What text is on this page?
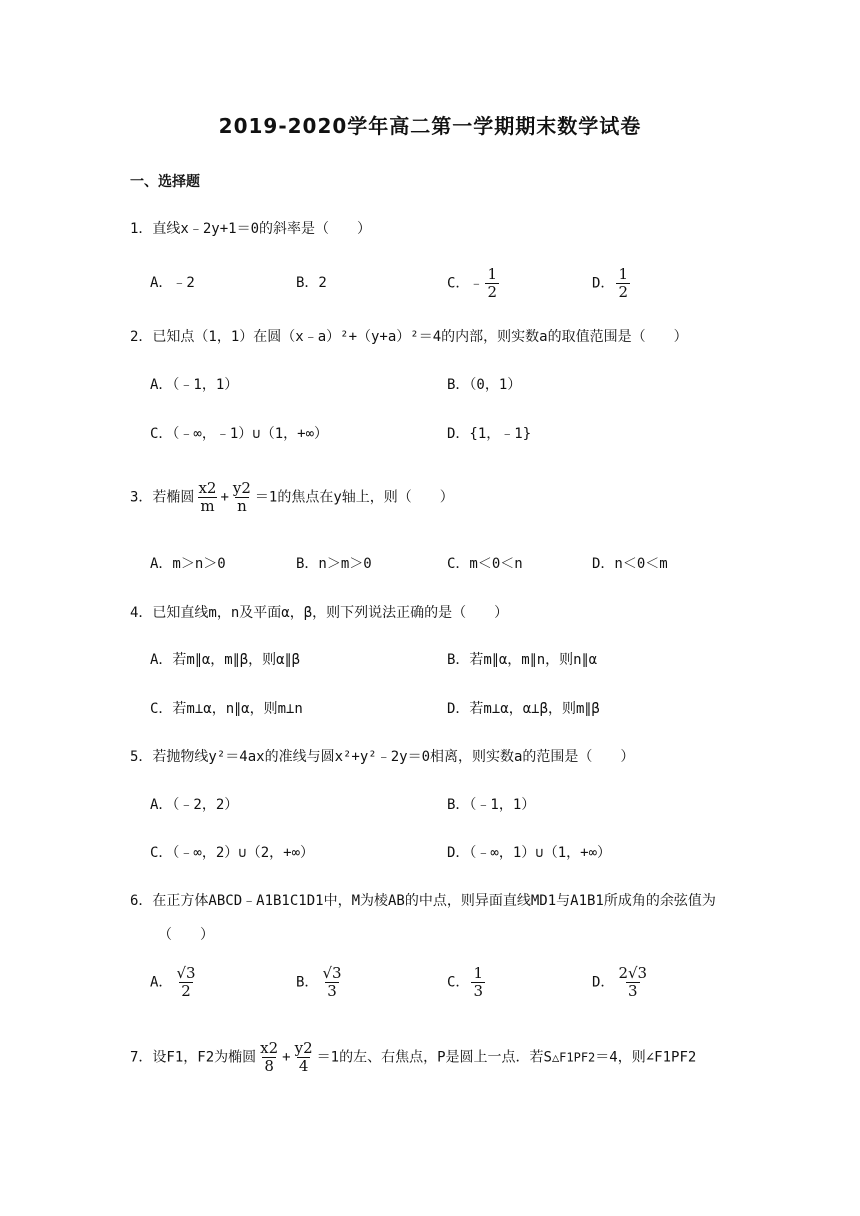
2019-2020学年高二第一学期期末数学试卷
一、选择题
1．直线x﹣2y+1＝0的斜率是（　　）
A．﹣2	B．2	C．﹣ $\frac{1}{2}$	D． $\frac{1}{2}$
2．已知点（1，1）在圆（x﹣a）²+（y+a）²＝4的内部，则实数a的取值范围是（　　）
A．（﹣1，1）	B．（0，1）
C．（﹣∞，﹣1）∪（1，+∞）	D．{1，﹣1}
3．若椭圆 $\frac{x2}{m} + \frac{y2}{n} =1$的焦点在y轴上，则（　　）
A．m＞n＞0	B．n＞m＞0	C．m＜0＜n	D．n＜0＜m
4．已知直线m，n及平面α，β，则下列说法正确的是（　　）
A．若m∥α，m∥β，则α∥β	B．若m∥α，m∥n，则n∥α
C．若m⊥α，n∥α，则m⊥n	D．若m⊥α，α⊥β，则m∥β
5．若抛物线y²＝4ax的准线与圆x²+y²﹣2y＝0相离，则实数a的范围是（　　）
A．（﹣2，2）	B．（﹣1，1）
C．（﹣∞，2）∪（2，+∞）	D．（﹣∞，1）∪（1，+∞）
6．在正方体ABCD﹣A1B1C1D1中，M为棱AB的中点，则异面直线MD1与A1B1所成角的余弦值为
（　　）
A． $\frac{√3}{2}$	B． $\frac{√3}{3}$	C． $\frac{1}{3}$	D． $\frac{2√3}{3}$
7．设F1，F2为椭圆 $\frac{x2}{8} + \frac{y2}{4} =1$的左、右焦点，P是圆上一点．若S△F1PF2＝4，则∠F1PF2
